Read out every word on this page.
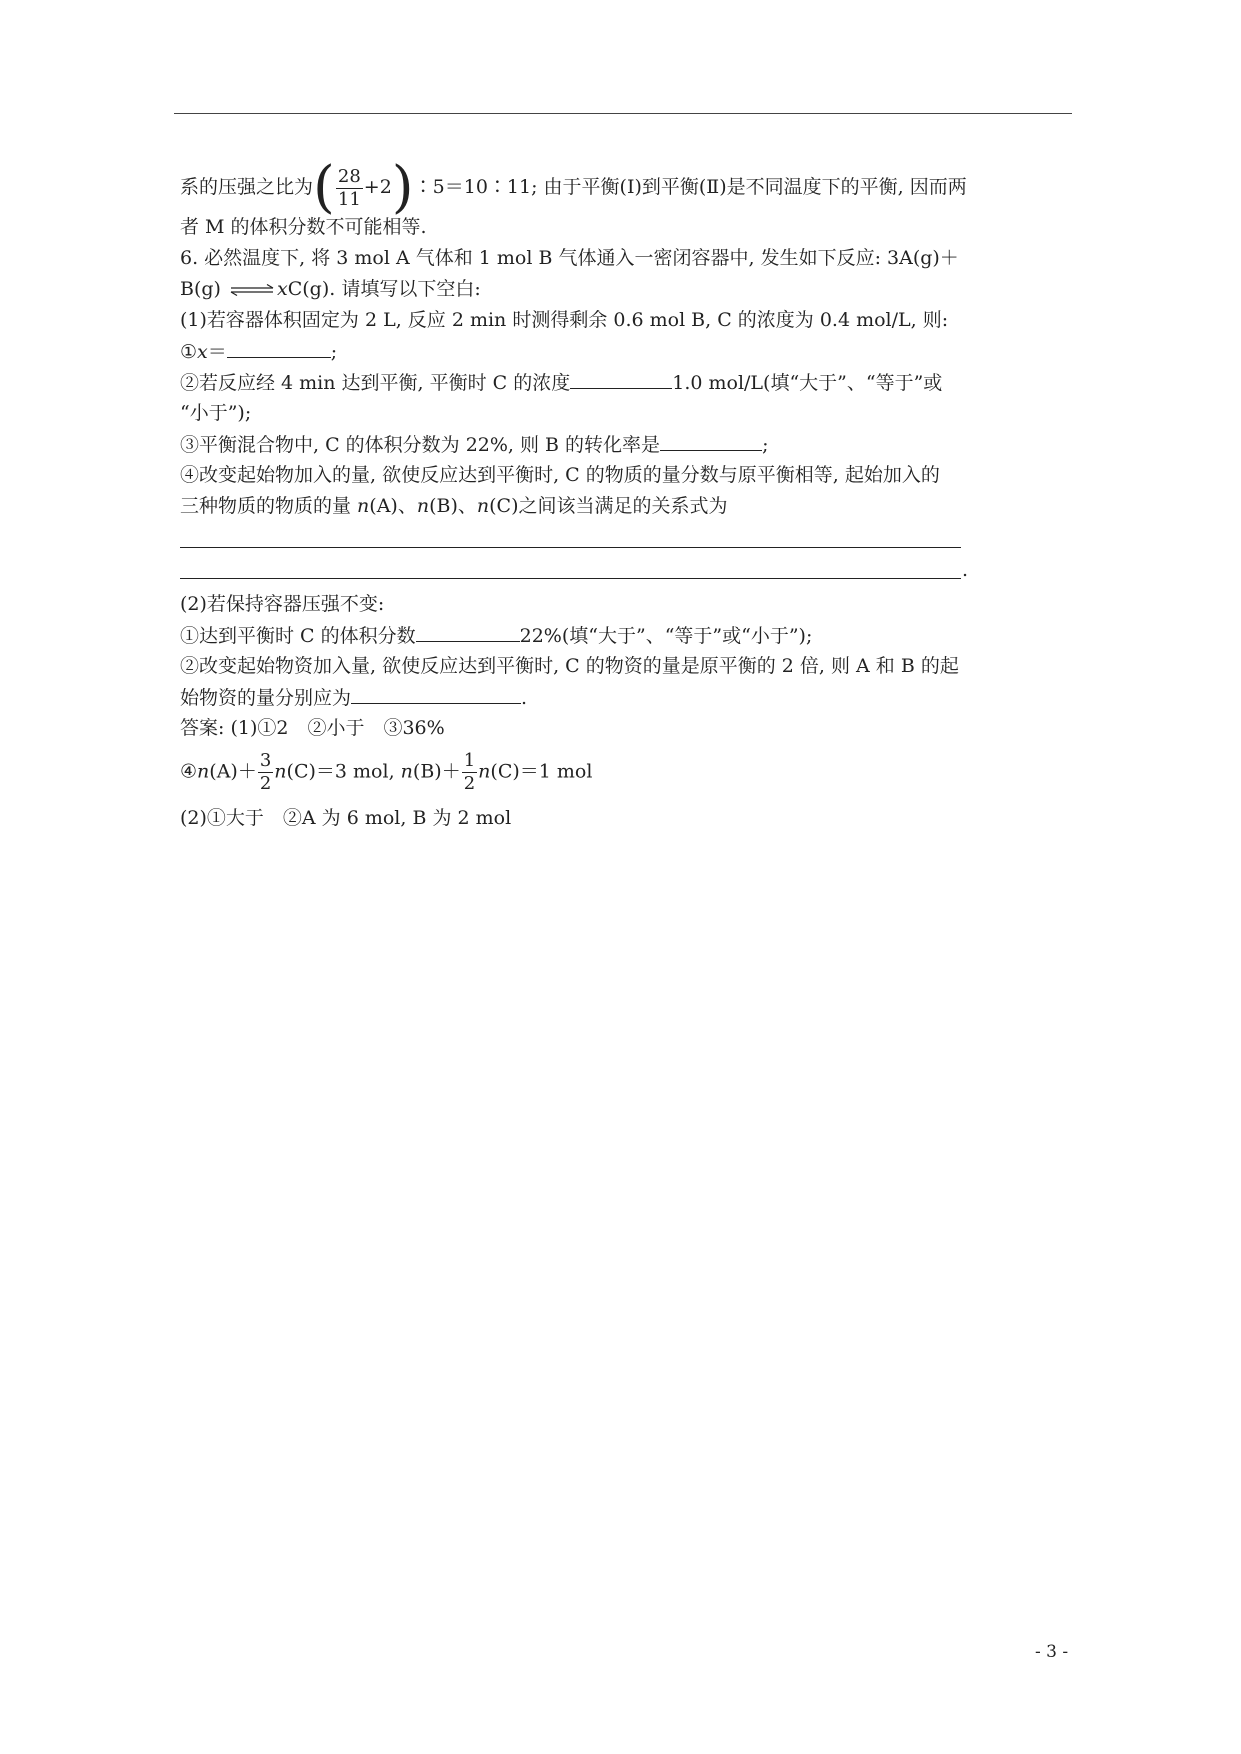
系的压强之比为( $\frac{28}{11}$ +2)∶5＝10∶11; 由于平衡(Ⅰ)到平衡(Ⅱ)是不同温度下的平衡, 因而两
者 M 的体积分数不可能相等.
6. 必然温度下, 将 3 mol A 气体和 1 mol B 气体通入一密闭容器中, 发生如下反应: 3A(g)＋
B(g) ⇌ xC(g). 请填写以下空白:
(1)若容器体积固定为 2 L, 反应 2 min 时测得剩余 0.6 mol B, C 的浓度为 0.4 mol/L, 则:
①x＝	;
②若反应经 4 min 达到平衡, 平衡时 C 的浓度	1.0 mol/L(填“大于”、“等于”或
“小于”);
③平衡混合物中, C 的体积分数为 22%, 则 B 的转化率是	;
④改变起始物加入的量, 欲使反应达到平衡时, C 的物质的量分数与原平衡相等, 起始加入的
三种物质的物质的量 n(A)、n(B)、n(C)之间该当满足的关系式为
.
(2)若保持容器压强不变:
①达到平衡时 C 的体积分数	22%(填“大于”、“等于”或“小于”);
②改变起始物资加入量, 欲使反应达到平衡时, C 的物资的量是原平衡的 2 倍, 则 A 和 B 的起
始物资的量分别应为	.
答案: (1)①2　②小于　③36%
④n(A)＋ $\frac{3}{2} n(C)=3$ mol, $n(B)+ \frac{1}{2} n(C)=1$ mol
(2)①大于　②A 为 6 mol, B 为 2 mol
- 3 -
